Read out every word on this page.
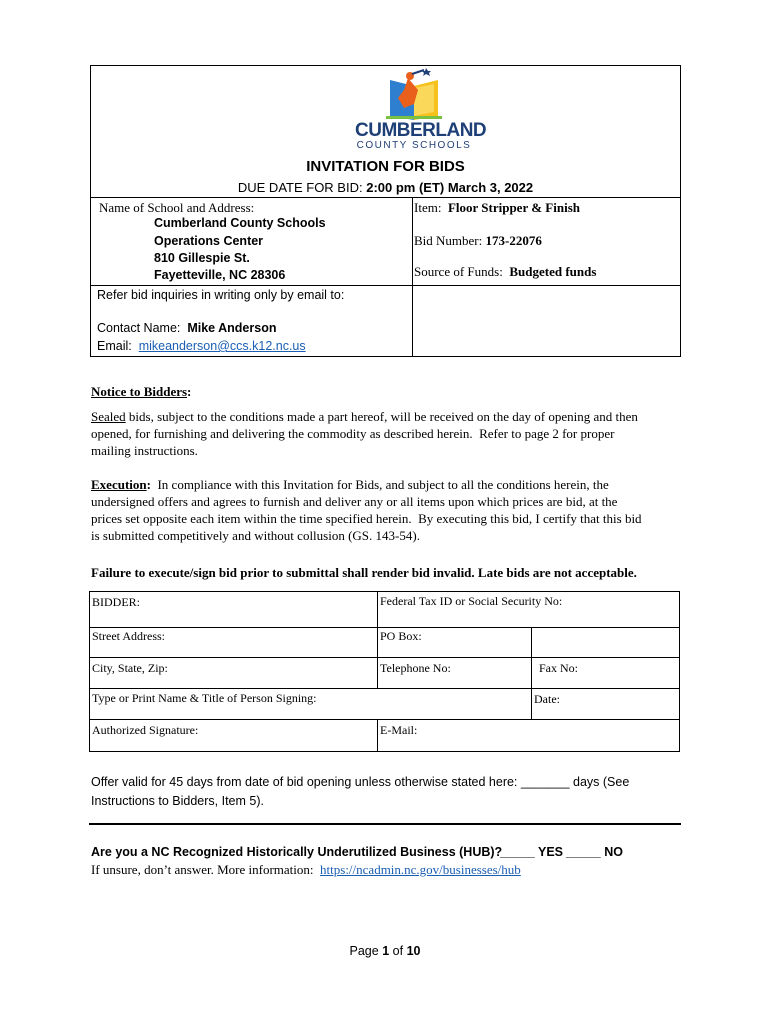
CUMBERLAND
COUNTY SCHOOLS
INVITATION FOR BIDS
DUE DATE FOR BID: 2:00 pm (ET) March 3, 2022
Name of School and Address:
Cumberland County Schools
Operations Center
810 Gillespie St.
Fayetteville, NC 28306
Item: Floor Stripper & Finish
Bid Number: 173-22076
Source of Funds: Budgeted funds
Refer bid inquiries in writing only by email to:
Contact Name: Mike Anderson
Email: mikeanderson@ccs.k12.nc.us
Notice to Bidders:
Sealed bids, subject to the conditions made a part hereof, will be received on the day of opening and then
opened, for furnishing and delivering the commodity as described herein.  Refer to page 2 for proper
mailing instructions.
Execution:  In compliance with this Invitation for Bids, and subject to all the conditions herein, the
undersigned offers and agrees to furnish and deliver any or all items upon which prices are bid, at the
prices set opposite each item within the time specified herein.  By executing this bid, I certify that this bid
is submitted competitively and without collusion (GS. 143-54).
Failure to execute/sign bid prior to submittal shall render bid invalid. Late bids are not acceptable.
BIDDER:	Federal Tax ID or Social Security No:
Street Address:	PO Box:
City, State, Zip:	Telephone No:	Fax No:
Type or Print Name & Title of Person Signing:	Date:
Authorized Signature:	E-Mail:
Offer valid for 45 days from date of bid opening unless otherwise stated here: _______ days (See
Instructions to Bidders, Item 5).
Are you a NC Recognized Historically Underutilized Business (HUB)?
_____ YES _____ NO
If unsure, don’t answer. More information: https://ncadmin.nc.gov/businesses/hub
Page 1 of 10
